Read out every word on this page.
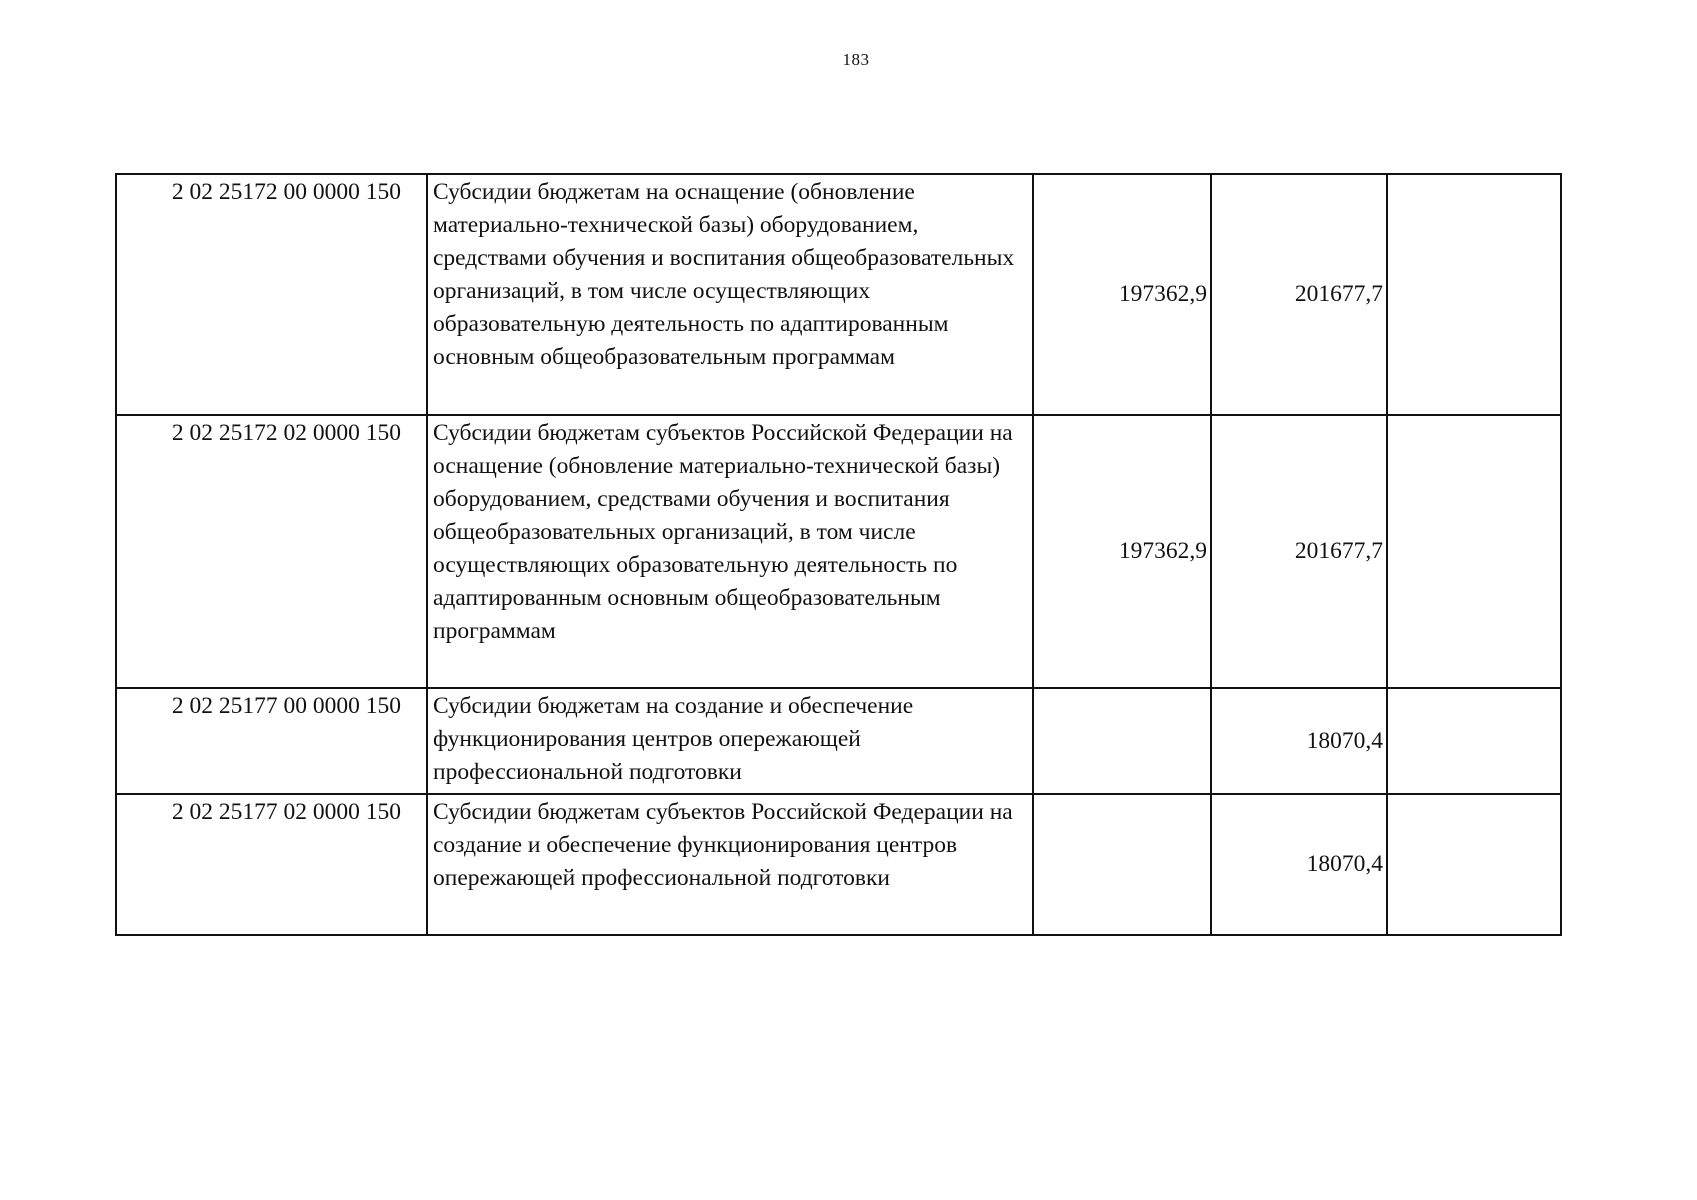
183
2 02 25172 00 0000 150	Субсидии бюджетам на оснащение (обновление материально-технической базы) оборудованием, средствами обучения и воспитания общеобразовательных организаций, в том числе осуществляющих образовательную деятельность по адаптированным основным общеобразовательным программам	197362,9	201677,7	
2 02 25172 02 0000 150	Субсидии бюджетам субъектов Российской Федерации на оснащение (обновление материально-технической базы) оборудованием, средствами обучения и воспитания общеобразовательных организаций, в том числе осуществляющих образовательную деятельность по адаптированным основным общеобразовательным программам	197362,9	201677,7	
2 02 25177 00 0000 150	Субсидии бюджетам на создание и обеспечение функционирования центров опережающей профессиональной подготовки		18070,4	
2 02 25177 02 0000 150	Субсидии бюджетам субъектов Российской Федерации на создание и обеспечение функционирования центров опережающей профессиональной подготовки		18070,4	
